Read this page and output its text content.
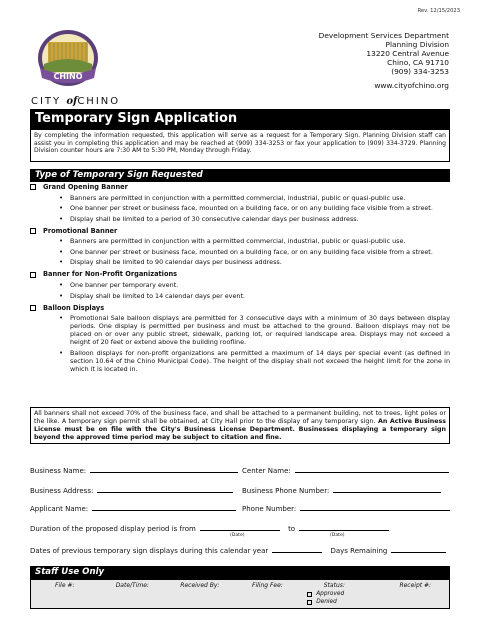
Rev. 12/15/2023
CHINO
CITY ofCHINO
Development Services Department
Planning Division
13220 Central Avenue
Chino, CA 91710
(909) 334-3253
www.cityofchino.org
Temporary Sign Application
By completing the information requested, this application will serve as a request for a Temporary Sign. Planning Division staff can assist you in completing this application and may be reached at (909) 334-3253 or fax your application to (909) 334-3729. Planning Division counter hours are 7:30 AM to 5:30 PM, Monday through Friday.
Type of Temporary Sign Requested
Grand Opening Banner
• Banners are permitted in conjunction with a permitted commercial, industrial, public or quasi-public use.
• One banner per street or business face, mounted on a building face, or on any building face visible from a street.
• Display shall be limited to a period of 30 consecutive calendar days per business address.
Promotional Banner
• Banners are permitted in conjunction with a permitted commercial, industrial, public or quasi-public use.
• One banner per street or business face, mounted on a building face, or on any building face visible from a street.
• Display shall be limited to 90 calendar days per business address.
Banner for Non-Profit Organizations
• One banner per temporary event.
• Display shall be limited to 14 calendar days per event.
Balloon Displays
• Promotional Sale balloon displays are permitted for 3 consecutive days with a minimum of 30 days between display periods. One display is permitted per business and must be attached to the ground. Balloon displays may not be placed on or over any public street, sidewalk, parking lot, or required landscape area. Displays may not exceed a height of 20 feet or extend above the building roofline.
• Balloon displays for non-profit organizations are permitted a maximum of 14 days per special event (as defined in section 10.64 of the Chino Municipal Code). The height of the display shall not exceed the height limit for the zone in which it is located in.
All banners shall not exceed 70% of the business face, and shall be attached to a permanent building, not to trees, light poles or the like. A temporary sign permit shall be obtained, at City Hall prior to the display of any temporary sign. An Active Business License must be on file with the City's Business License Department. Businesses displaying a temporary sign beyond the approved time period may be subject to citation and fine.
Business Name:	Center Name:
Business Address:	Business Phone Number:
Applicant Name:	Phone Number:
Duration of the proposed display period is from	to
(Date)	(Date)
Dates of previous temporary sign displays during this calendar year	Days Remaining
Staff Use Only
File #:	Date/Time:	Received By:	Filing Fee:	Status:
Approved
Denied
Receipt #:
